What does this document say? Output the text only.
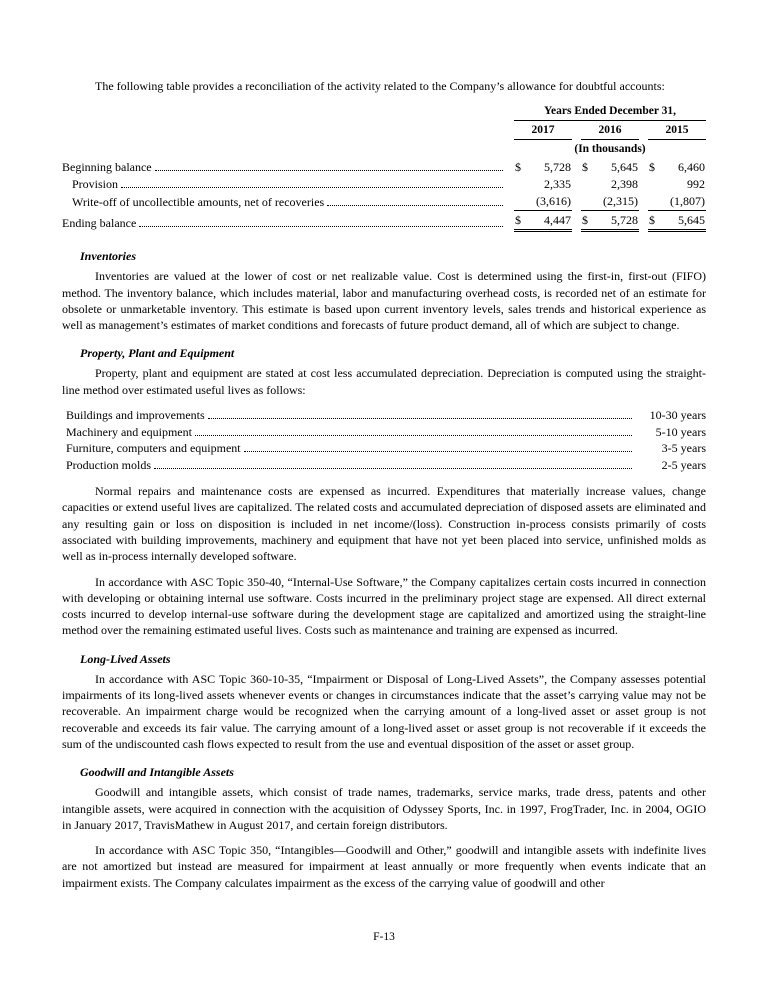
The following table provides a reconciliation of the activity related to the Company’s allowance for doubtful accounts:

Years Ended December 31,
2017	2016	2015
(In thousands)
Beginning balance	$ 5,728 $ 5,645 $ 6,460
Provision	2,335	2,398	992
Write-off of uncollectible amounts, net of recoveries	(3,616)	(2,315)	(1,807)
Ending balance	$ 4,447 $ 5,728 $ 5,645
Inventories

Inventories are valued at the lower of cost or net realizable value. Cost is determined using the first-in, first-out (FIFO) method. The inventory balance, which includes material, labor and manufacturing overhead costs, is recorded net of an estimate for obsolete or unmarketable inventory. This estimate is based upon current inventory levels, sales trends and historical experience as well as management’s estimates of market conditions and forecasts of future product demand, all of which are subject to change.

Property, Plant and Equipment

Property, plant and equipment are stated at cost less accumulated depreciation. Depreciation is computed using the straight-line method over estimated useful lives as follows:

Buildings and improvements	10-30 years
Machinery and equipment	5-10 years
Furniture, computers and equipment	3-5 years
Production molds	2-5 years

Normal repairs and maintenance costs are expensed as incurred. Expenditures that materially increase values, change capacities or extend useful lives are capitalized. The related costs and accumulated depreciation of disposed assets are eliminated and any resulting gain or loss on disposition is included in net income/(loss). Construction in-process consists primarily of costs associated with building improvements, machinery and equipment that have not yet been placed into service, unfinished molds as well as in-process internally developed software.

In accordance with ASC Topic 350-40, “Internal-Use Software,” the Company capitalizes certain costs incurred in connection with developing or obtaining internal use software. Costs incurred in the preliminary project stage are expensed. All direct external costs incurred to develop internal-use software during the development stage are capitalized and amortized using the straight-line method over the remaining estimated useful lives. Costs such as maintenance and training are expensed as incurred.

Long-Lived Assets

In accordance with ASC Topic 360-10-35, “Impairment or Disposal of Long-Lived Assets”, the Company assesses potential impairments of its long-lived assets whenever events or changes in circumstances indicate that the asset’s carrying value may not be recoverable. An impairment charge would be recognized when the carrying amount of a long-lived asset or asset group is not recoverable and exceeds its fair value. The carrying amount of a long-lived asset or asset group is not recoverable if it exceeds the sum of the undiscounted cash flows expected to result from the use and eventual disposition of the asset or asset group.

Goodwill and Intangible Assets

Goodwill and intangible assets, which consist of trade names, trademarks, service marks, trade dress, patents and other intangible assets, were acquired in connection with the acquisition of Odyssey Sports, Inc. in 1997, FrogTrader, Inc. in 2004, OGIO in January 2017, TravisMathew in August 2017, and certain foreign distributors.

In accordance with ASC Topic 350, “Intangibles—Goodwill and Other,” goodwill and intangible assets with indefinite lives are not amortized but instead are measured for impairment at least annually or more frequently when events indicate that an impairment exists. The Company calculates impairment as the excess of the carrying value of goodwill and other

F-13
